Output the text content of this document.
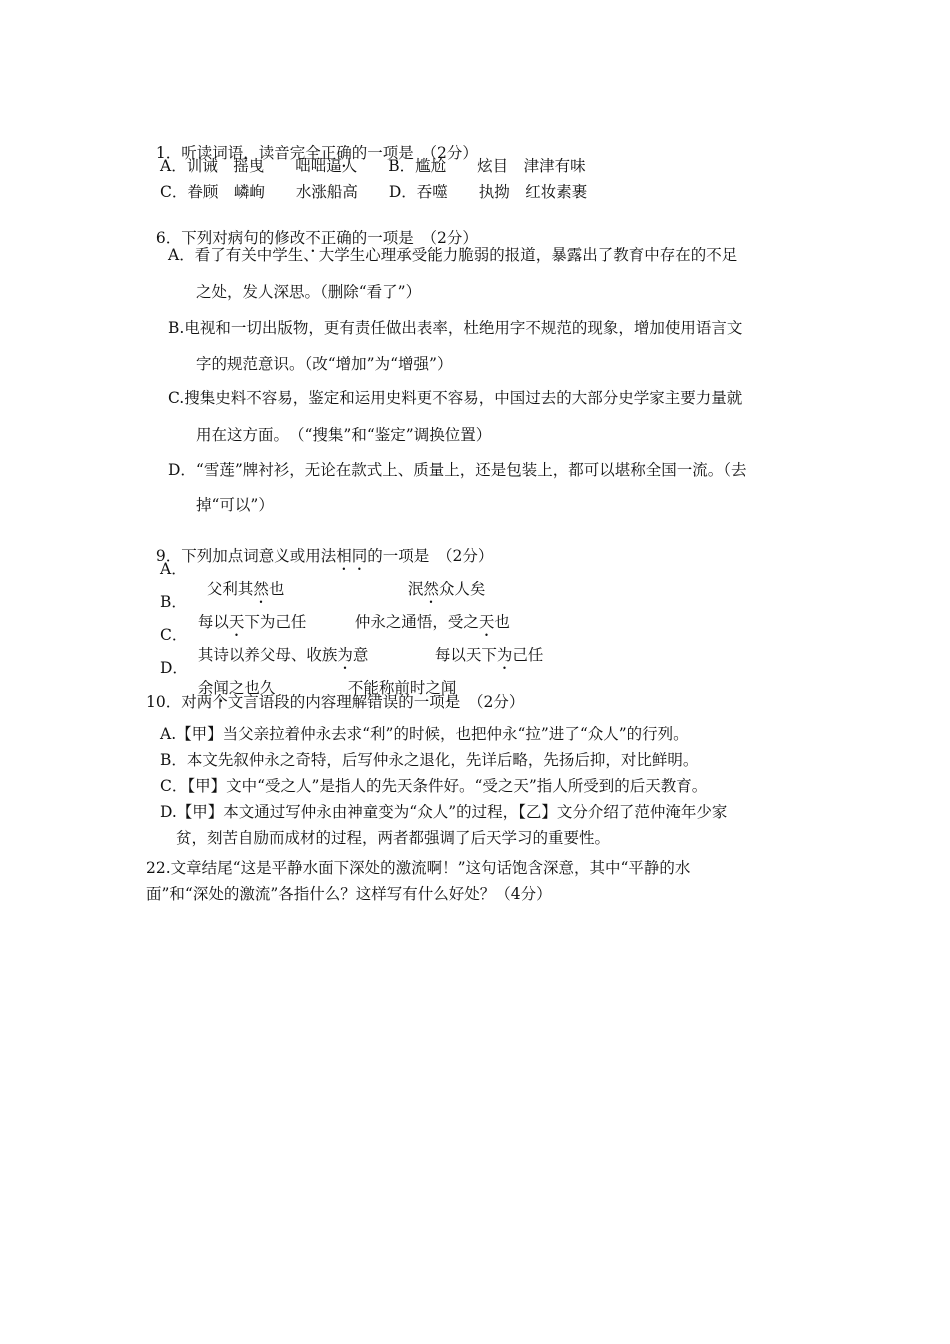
1．听读词语，读音完全正确的一项是　（2分）

A．训诫　摇曳　　咄咄逼人　　B．尴尬　　炫目　津津有味
C．眷顾　嶙峋　　水涨船高　　D．吞噬　　执拗　红妆素裹

6．下列对病句的修改不正确的一项是　（2分）

A．看了有关中学生、大学生心理承受能力脆弱的报道，暴露出了教育中存在的不足
之处，发人深思。（删除“看了”）
B.电视和一切出版物，更有责任做出表率，杜绝用字不规范的现象，增加使用语言文
字的规范意识。（改“增加”为“增强”）
C.搜集史料不容易，鉴定和运用史料更不容易，中国过去的大部分史学家主要力量就
用在这方面。　（“搜集”和“鉴定”调换位置）
D．“雪莲”牌衬衫，无论在款式上、质量上，还是包装上，都可以堪称全国一流。（去
掉“可以”）

9．下列加点词意义或用法相同的一项是　（2分）

A．

父利其然也	泯然众人矣

B．

每以天下为己任	仲永之通悟，受之天也

C．

其诗以养父母、收族为意	每以天下为己任

D．

余闻之也久	不能称前时之闻

10．对两个文言语段的内容理解错误的一项是　（2分）
A.【甲】当父亲拉着仲永去求“利”的时候，也把仲永“拉”进了“众人”的行列。
B．本文先叙仲永之奇特，后写仲永之退化，先详后略，先扬后抑，对比鲜明。
C．【甲】文中“受之人”是指人的先天条件好。“受之天”指人所受到的后天教育。
D.【甲】本文通过写仲永由神童变为“众人”的过程，【乙】文分介绍了范仲淹年少家
贫，刻苦自励而成材的过程，两者都强调了后天学习的重要性。
22.文章结尾“这是平静水面下深处的激流啊！”这句话饱含深意，其中“平静的水
面”和“深处的激流”各指什么？这样写有什么好处？（4分）
